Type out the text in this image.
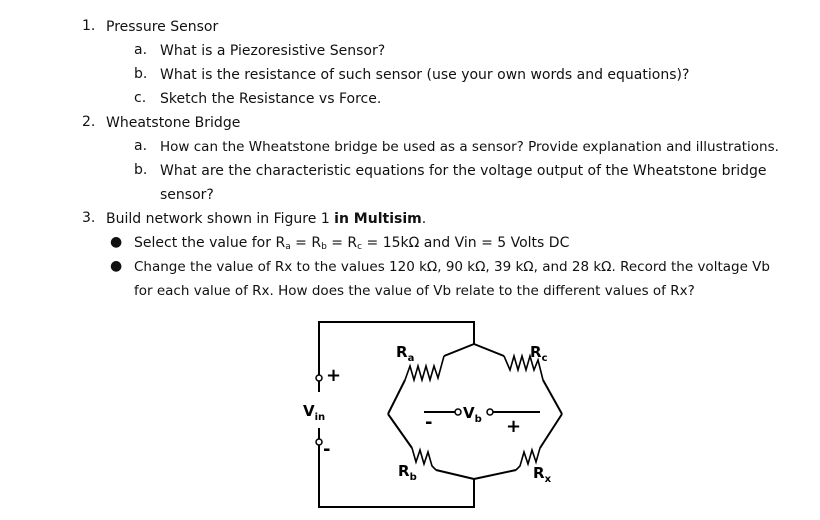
1. Pressure Sensor
a. What is a Piezoresistive Sensor?
b. What is the resistance of such sensor (use your own words and equations)?
c. Sketch the Resistance vs Force.
2. Wheatstone Bridge
a. How can the Wheatstone bridge be used as a sensor? Provide explanation and illustrations.
b. What are the characteristic equations for the voltage output of the Wheatstone bridge
sensor?
3. Build network shown in Figure 1 in Multisim.
● Select the value for $R_a = R_b = R_c = 15k\Omega$ and Vin = 5 Volts DC
● Change the value of Rx to the values 120 kΩ, 90 kΩ, 39 kΩ, and 28 kΩ. Record the voltage Vb
for each value of Rx. How does the value of Vb relate to the different values of Rx?
$R_a$	$R_c$
$R_b$	$R_x$
$V_{in}$	$V_b$
+
-
-	+
